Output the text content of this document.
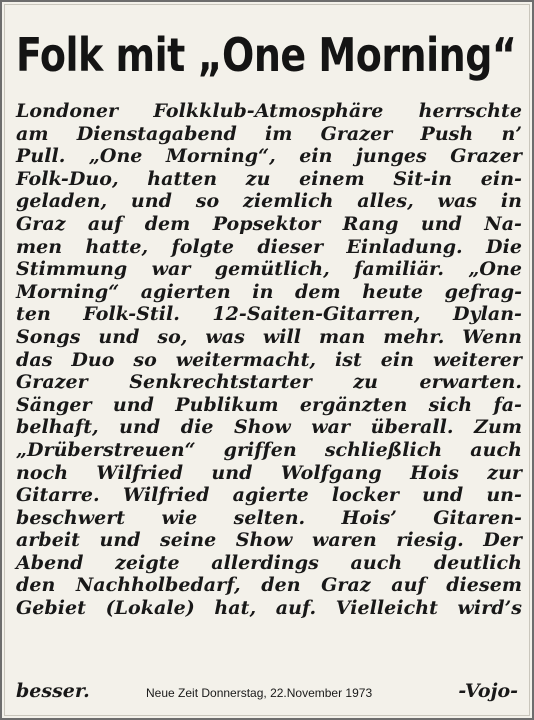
Folk mit „One Morning“
Londoner Folkklub-Atmosphäre herrschte
am Dienstagabend im Grazer Push n’
Pull. „One Morning“, ein junges Grazer
Folk-Duo, hatten zu einem Sit-in ein-
geladen, und so ziemlich alles, was in
Graz auf dem Popsektor Rang und Na-
men hatte, folgte dieser Einladung. Die
Stimmung war gemütlich, familiär. „One
Morning“ agierten in dem heute gefrag-
ten Folk-Stil. 12-Saiten-Gitarren, Dylan-
Songs und so, was will man mehr. Wenn
das Duo so weitermacht, ist ein weiterer
Grazer Senkrechtstarter zu erwarten.
Sänger und Publikum ergänzten sich fa-
belhaft, und die Show war überall. Zum
„Drüberstreuen“ griffen schließlich auch
noch Wilfried und Wolfgang Hois zur
Gitarre. Wilfried agierte locker und un-
beschwert wie selten. Hois’ Gitaren-
arbeit und seine Show waren riesig. Der
Abend zeigte allerdings auch deutlich
den Nachholbedarf, den Graz auf diesem
Gebiet (Lokale) hat, auf. Vielleicht wird’s
besser.	Neue Zeit Donnerstag, 22.November 1973	-Vojo-
